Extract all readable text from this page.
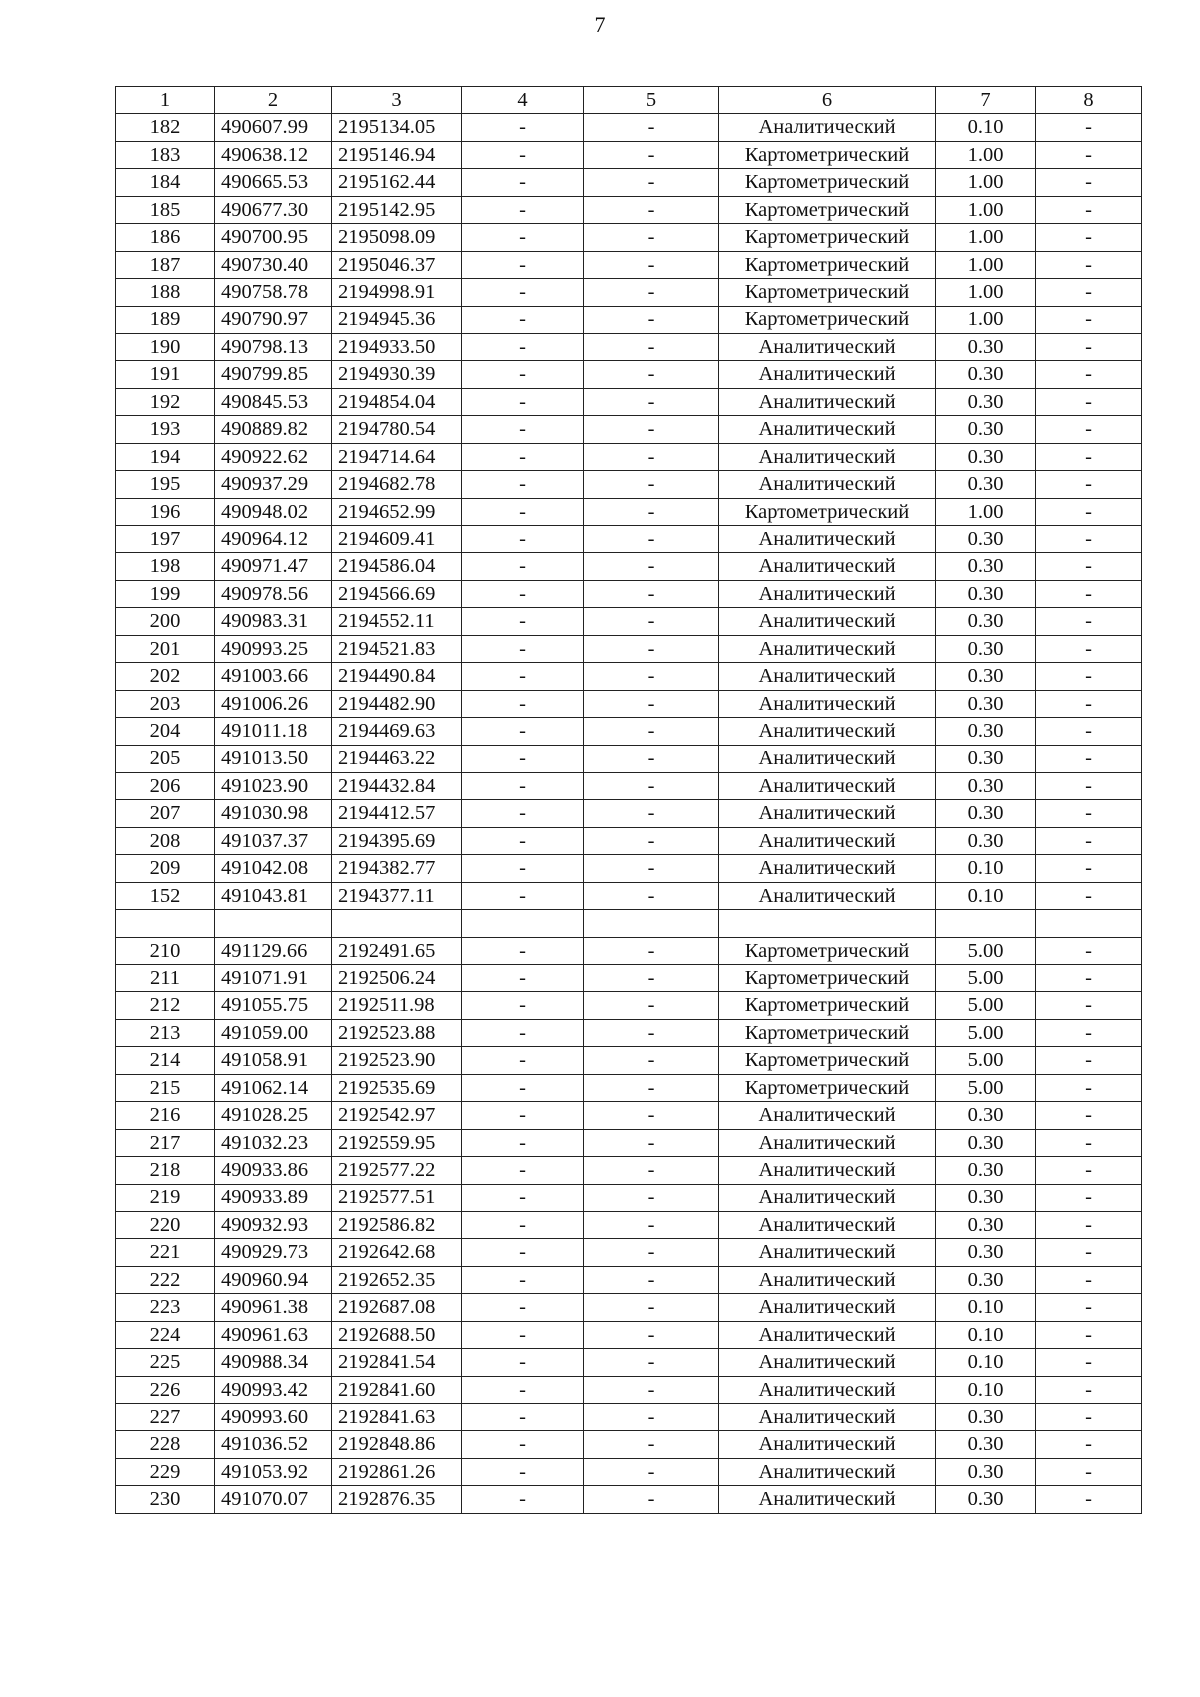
7
1	2	3	4	5	6	7	8
182	490607.99	2195134.05	-	-	Аналитический	0.10	-
183	490638.12	2195146.94	-	-	Картометрический	1.00	-
184	490665.53	2195162.44	-	-	Картометрический	1.00	-
185	490677.30	2195142.95	-	-	Картометрический	1.00	-
186	490700.95	2195098.09	-	-	Картометрический	1.00	-
187	490730.40	2195046.37	-	-	Картометрический	1.00	-
188	490758.78	2194998.91	-	-	Картометрический	1.00	-
189	490790.97	2194945.36	-	-	Картометрический	1.00	-
190	490798.13	2194933.50	-	-	Аналитический	0.30	-
191	490799.85	2194930.39	-	-	Аналитический	0.30	-
192	490845.53	2194854.04	-	-	Аналитический	0.30	-
193	490889.82	2194780.54	-	-	Аналитический	0.30	-
194	490922.62	2194714.64	-	-	Аналитический	0.30	-
195	490937.29	2194682.78	-	-	Аналитический	0.30	-
196	490948.02	2194652.99	-	-	Картометрический	1.00	-
197	490964.12	2194609.41	-	-	Аналитический	0.30	-
198	490971.47	2194586.04	-	-	Аналитический	0.30	-
199	490978.56	2194566.69	-	-	Аналитический	0.30	-
200	490983.31	2194552.11	-	-	Аналитический	0.30	-
201	490993.25	2194521.83	-	-	Аналитический	0.30	-
202	491003.66	2194490.84	-	-	Аналитический	0.30	-
203	491006.26	2194482.90	-	-	Аналитический	0.30	-
204	491011.18	2194469.63	-	-	Аналитический	0.30	-
205	491013.50	2194463.22	-	-	Аналитический	0.30	-
206	491023.90	2194432.84	-	-	Аналитический	0.30	-
207	491030.98	2194412.57	-	-	Аналитический	0.30	-
208	491037.37	2194395.69	-	-	Аналитический	0.30	-
209	491042.08	2194382.77	-	-	Аналитический	0.10	-
152	491043.81	2194377.11	-	-	Аналитический	0.10	-

210	491129.66	2192491.65	-	-	Картометрический	5.00	-
211	491071.91	2192506.24	-	-	Картометрический	5.00	-
212	491055.75	2192511.98	-	-	Картометрический	5.00	-
213	491059.00	2192523.88	-	-	Картометрический	5.00	-
214	491058.91	2192523.90	-	-	Картометрический	5.00	-
215	491062.14	2192535.69	-	-	Картометрический	5.00	-
216	491028.25	2192542.97	-	-	Аналитический	0.30	-
217	491032.23	2192559.95	-	-	Аналитический	0.30	-
218	490933.86	2192577.22	-	-	Аналитический	0.30	-
219	490933.89	2192577.51	-	-	Аналитический	0.30	-
220	490932.93	2192586.82	-	-	Аналитический	0.30	-
221	490929.73	2192642.68	-	-	Аналитический	0.30	-
222	490960.94	2192652.35	-	-	Аналитический	0.30	-
223	490961.38	2192687.08	-	-	Аналитический	0.10	-
224	490961.63	2192688.50	-	-	Аналитический	0.10	-
225	490988.34	2192841.54	-	-	Аналитический	0.10	-
226	490993.42	2192841.60	-	-	Аналитический	0.10	-
227	490993.60	2192841.63	-	-	Аналитический	0.30	-
228	491036.52	2192848.86	-	-	Аналитический	0.30	-
229	491053.92	2192861.26	-	-	Аналитический	0.30	-
230	491070.07	2192876.35	-	-	Аналитический	0.30	-
